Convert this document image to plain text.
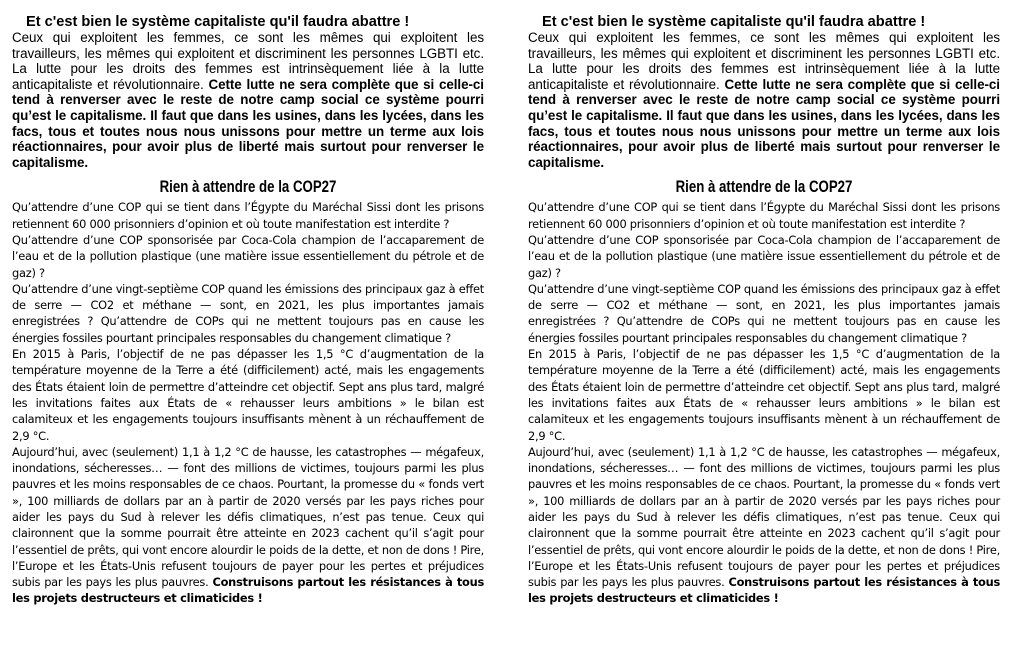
Et c'est bien le système capitaliste qu'il faudra abattre !

Ceux qui exploitent les femmes, ce sont les mêmes qui exploitent les travailleurs, les mêmes qui exploitent et discriminent les personnes LGBTI etc. La lutte pour les droits des femmes est intrinsèquement liée à la lutte anticapitaliste et révolutionnaire. Cette lutte ne sera complète que si celle-ci tend à renverser avec le reste de notre camp social ce système pourri qu’est le capitalisme. Il faut que dans les usines, dans les lycées, dans les facs, tous et toutes nous nous unissons pour mettre un terme aux lois réactionnaires, pour avoir plus de liberté mais surtout pour renverser le capitalisme.

Rien à attendre de la COP27

Qu’attendre d’une COP qui se tient dans l’Égypte du Maréchal Sissi dont les prisons retiennent 60 000 prisonniers d’opinion et où toute manifestation est interdite ?

Qu’attendre d’une COP sponsorisée par Coca-Cola champion de l’accaparement de l’eau et de la pollution plastique (une matière issue essentiellement du pétrole et de gaz) ?

Qu’attendre d’une vingt-septième COP quand les émissions des principaux gaz à effet de serre — CO2 et méthane — sont, en 2021, les plus importantes jamais enregistrées ? Qu’attendre de COPs qui ne mettent toujours pas en cause les énergies fossiles pourtant principales responsables du changement climatique ?

En 2015 à Paris, l’objectif de ne pas dépasser les 1,5 °C d’augmentation de la température moyenne de la Terre a été (difficilement) acté, mais les engagements des États étaient loin de permettre d’atteindre cet objectif. Sept ans plus tard, malgré les invitations faites aux États de « rehausser leurs ambitions » le bilan est calamiteux et les engagements toujours insuffisants mènent à un réchauffement de 2,9 °C.

Aujourd’hui, avec (seulement) 1,1 à 1,2 °C de hausse, les catastrophes — mégafeux, inondations, sécheresses… — font des millions de victimes, toujours parmi les plus pauvres et les moins responsables de ce chaos. Pourtant, la promesse du « fonds vert », 100 milliards de dollars par an à partir de 2020 versés par les pays riches pour aider les pays du Sud à relever les défis climatiques, n’est pas tenue. Ceux qui claironnent que la somme pourrait être atteinte en 2023 cachent qu’il s’agit pour l’essentiel de prêts, qui vont encore alourdir le poids de la dette, et non de dons ! Pire, l’Europe et les États-Unis refusent toujours de payer pour les pertes et préjudices subis par les pays les plus pauvres. Construisons partout les résistances à tous les projets destructeurs et climaticides !

Et c'est bien le système capitaliste qu'il faudra abattre !

Ceux qui exploitent les femmes, ce sont les mêmes qui exploitent les travailleurs, les mêmes qui exploitent et discriminent les personnes LGBTI etc. La lutte pour les droits des femmes est intrinsèquement liée à la lutte anticapitaliste et révolutionnaire. Cette lutte ne sera complète que si celle-ci tend à renverser avec le reste de notre camp social ce système pourri qu’est le capitalisme. Il faut que dans les usines, dans les lycées, dans les facs, tous et toutes nous nous unissons pour mettre un terme aux lois réactionnaires, pour avoir plus de liberté mais surtout pour renverser le capitalisme.

Rien à attendre de la COP27

Qu’attendre d’une COP qui se tient dans l’Égypte du Maréchal Sissi dont les prisons retiennent 60 000 prisonniers d’opinion et où toute manifestation est interdite ?

Qu’attendre d’une COP sponsorisée par Coca-Cola champion de l’accaparement de l’eau et de la pollution plastique (une matière issue essentiellement du pétrole et de gaz) ?

Qu’attendre d’une vingt-septième COP quand les émissions des principaux gaz à effet de serre — CO2 et méthane — sont, en 2021, les plus importantes jamais enregistrées ? Qu’attendre de COPs qui ne mettent toujours pas en cause les énergies fossiles pourtant principales responsables du changement climatique ?

En 2015 à Paris, l’objectif de ne pas dépasser les 1,5 °C d’augmentation de la température moyenne de la Terre a été (difficilement) acté, mais les engagements des États étaient loin de permettre d’atteindre cet objectif. Sept ans plus tard, malgré les invitations faites aux États de « rehausser leurs ambitions » le bilan est calamiteux et les engagements toujours insuffisants mènent à un réchauffement de 2,9 °C.

Aujourd’hui, avec (seulement) 1,1 à 1,2 °C de hausse, les catastrophes — mégafeux, inondations, sécheresses… — font des millions de victimes, toujours parmi les plus pauvres et les moins responsables de ce chaos. Pourtant, la promesse du « fonds vert », 100 milliards de dollars par an à partir de 2020 versés par les pays riches pour aider les pays du Sud à relever les défis climatiques, n’est pas tenue. Ceux qui claironnent que la somme pourrait être atteinte en 2023 cachent qu’il s’agit pour l’essentiel de prêts, qui vont encore alourdir le poids de la dette, et non de dons ! Pire, l’Europe et les États-Unis refusent toujours de payer pour les pertes et préjudices subis par les pays les plus pauvres. Construisons partout les résistances à tous les projets destructeurs et climaticides !
